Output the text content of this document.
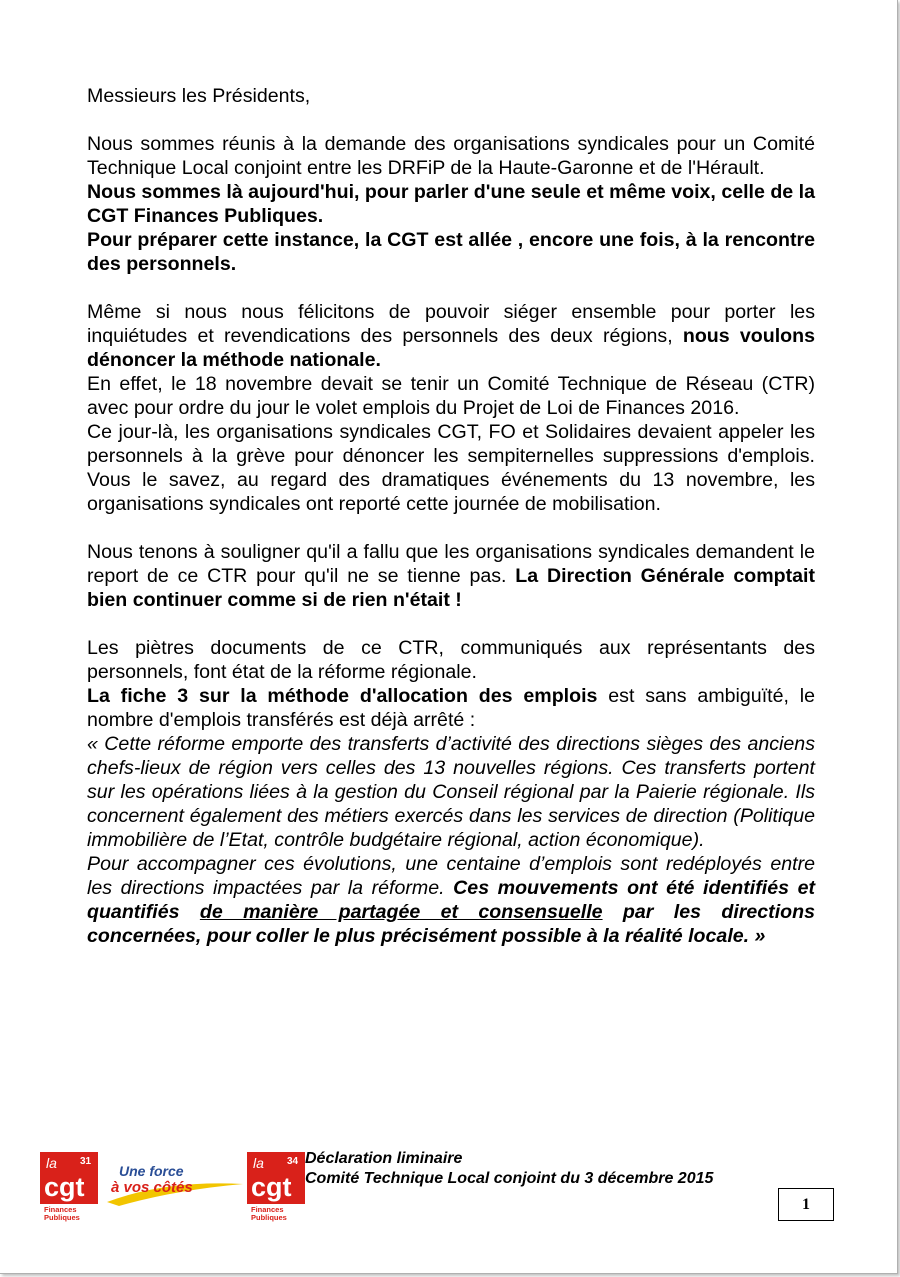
Messieurs les Présidents,

Nous sommes réunis à la demande des organisations syndicales pour un Comité Technique Local conjoint entre les DRFiP de la Haute-Garonne et de l'Hérault.

Nous sommes là aujourd'hui, pour parler d'une seule et même voix, celle de la CGT Finances Publiques.

Pour préparer cette instance, la CGT est allée , encore une fois, à la rencontre des personnels.

Même si nous nous félicitons de pouvoir siéger ensemble pour porter les inquiétudes et revendications des personnels des deux régions, nous voulons dénoncer la méthode nationale.

En effet, le 18 novembre devait se tenir un Comité Technique de Réseau (CTR) avec pour ordre du jour le volet emplois du Projet de Loi de Finances 2016.

Ce jour-là, les organisations syndicales CGT, FO et Solidaires devaient appeler les personnels à la grève pour dénoncer les sempiternelles suppressions d'emplois. Vous le savez, au regard des dramatiques événements du 13 novembre, les organisations syndicales ont reporté cette journée de mobilisation.

Nous tenons à souligner qu'il a fallu que les organisations syndicales demandent le report de ce CTR pour qu'il ne se tienne pas. La Direction Générale comptait bien continuer comme si de rien n'était !

Les piètres documents de ce CTR, communiqués aux représentants des personnels, font état de la réforme régionale.

La fiche 3 sur la méthode d'allocation des emplois est sans ambiguïté, le nombre d'emplois transférés est déjà arrêté :

« Cette réforme emporte des transferts d’activité des directions sièges des anciens chefs-lieux de région vers celles des 13 nouvelles régions. Ces transferts portent sur les opérations liées à la gestion du Conseil régional par la Paierie régionale. Ils concernent également des métiers exercés dans les services de direction (Politique immobilière de l’Etat, contrôle budgétaire régional, action économique).

Pour accompagner ces évolutions, une centaine d’emplois sont redéployés entre les directions impactées par la réforme. Ces mouvements ont été identifiés et quantifiés de manière partagée et consensuelle par les directions concernées, pour coller le plus précisément possible à la réalité locale. »

la 31
cgt
Finances
Publiques
Une force
à vos côtés
la 34
cgt
Finances
Publiques
Déclaration liminaire
Comité Technique Local conjoint du 3 décembre 2015
1
